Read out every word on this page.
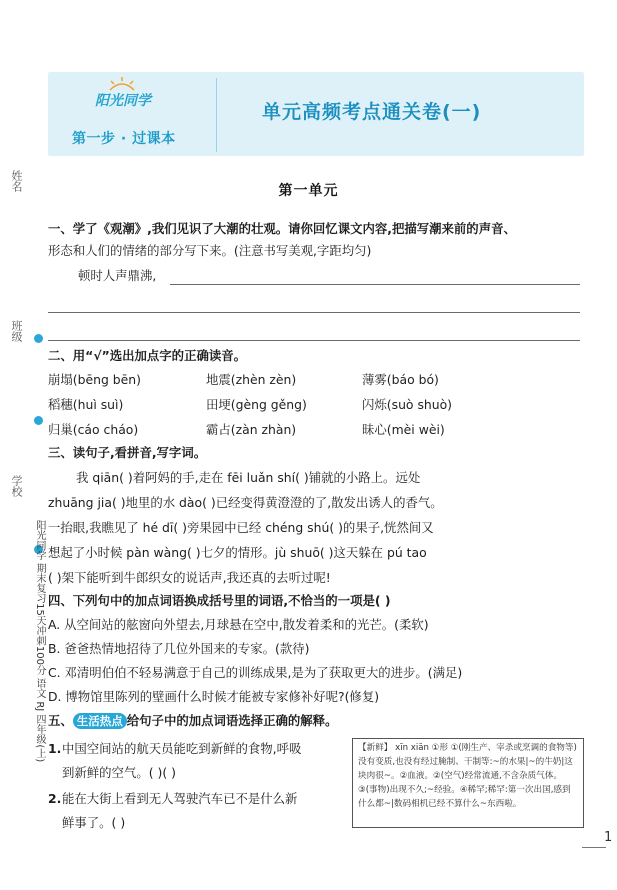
阳光同学
第一步 · 过课本
单元高频考点通关卷(一)
姓名
班级
学校
阳光同学 期末复习15天冲刺100分 语文 RJ 四年级(上)
第一单元
一、学了《观潮》,我们见识了大潮的壮观。请你回忆课文内容,把描写潮来前的声音、
形态和人们的情绪的部分写下来。(注意书写美观,字距均匀)
顿时人声鼎沸,
二、用“√”选出加点字的正确读音。
崩塌(bēng bēn)	地震(zhèn zèn)	薄雾(báo bó)
稻穗(huì suì)	田埂(gèng gěng)	闪烁(suò shuò)
归巢(cáo cháo)	霸占(zàn zhàn)	昧心(mèi wèi)
三、读句子,看拼音,写字词。
我 qiān( )着阿妈的手,走在 fēi luǎn shí( )铺就的小路上。远处
zhuāng jia( )地里的水 dào( )已经变得黄澄澄的了,散发出诱人的香气。
一抬眼,我瞧见了 hé dī( )旁果园中已经 chéng shú( )的果子,恍然间又
想起了小时候 pàn wàng( )七夕的情形。jù shuō( )这天躲在 pú tao
( )架下能听到牛郎织女的说话声,我还真的去听过呢!
四、下列句中的加点词语换成括号里的词语,不恰当的一项是( )
A. 从空间站的舷窗向外望去,月球悬在空中,散发着柔和的光芒。(柔软)
B. 爸爸热情地招待了几位外国来的专家。(款待)
C. 邓清明伯伯不轻易满意于自己的训练成果,是为了获取更大的进步。(满足)
D. 博物馆里陈列的壁画什么时候才能被专家修补好呢?(修复)
五、 生活热点 给句子中的加点词语选择正确的解释。
1. 中国空间站的航天员能吃到新鲜的食物,呼吸
到新鲜的空气。( )( )
2. 能在大街上看到无人驾驶汽车已不是什么新
鲜事了。( )
【新鲜】 xīn xiān ①形 ①(刚生产、宰杀或烹调的食物等)没有变质,也没有经过腌制、干制等:~的水果|~的牛奶|这块肉很~。②血液。②(空气)经常流通,不含杂质气体。③(事物)出现不久;~经验。④稀罕;稀罕:第一次出国,感到什么都~|数码相机已经不算什么~东西啦。
1
